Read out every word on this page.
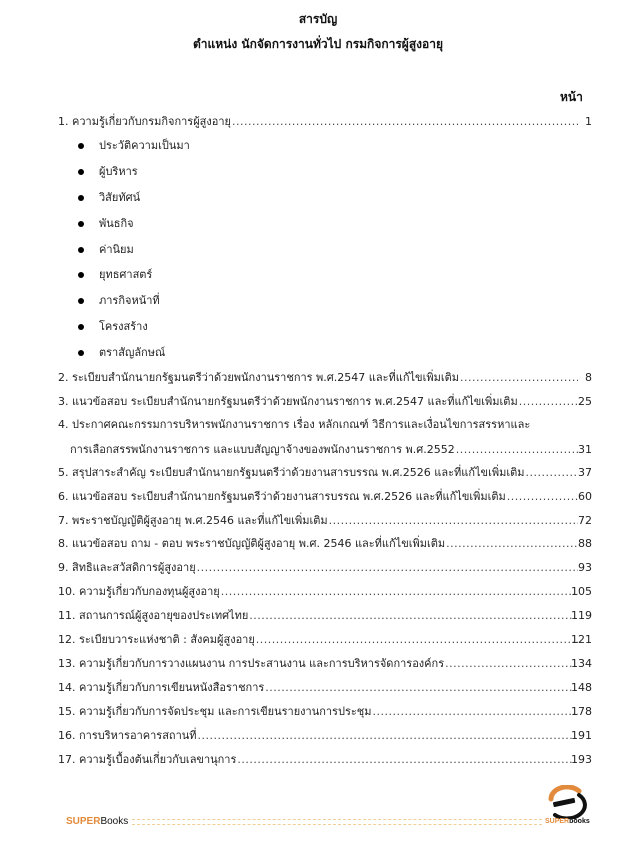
สารบัญ
ตำแหน่ง นักจัดการงานทั่วไป กรมกิจการผู้สูงอายุ
หน้า
1. ความรู้เกี่ยวกับกรมกิจการผู้สูงอายุ .....	1
ประวัติความเป็นมา
ผู้บริหาร
วิสัยทัศน์
พันธกิจ
ค่านิยม
ยุทธศาสตร์
ภารกิจหน้าที่
โครงสร้าง
ตราสัญลักษณ์
2. ระเบียบสำนักนายกรัฐมนตรีว่าด้วยพนักงานราชการ พ.ศ.2547 และที่แก้ไขเพิ่มเติม .....	8
3. แนวข้อสอบ ระเบียบสำนักนายกรัฐมนตรีว่าด้วยพนักงานราชการ พ.ศ.2547 และที่แก้ไขเพิ่มเติม .....	25
4. ประกาศคณะกรรมการบริหารพนักงานราชการ เรื่อง หลักเกณฑ์ วิธีการและเงื่อนไขการสรรหาและ
การเลือกสรรพนักงานราชการ และแบบสัญญาจ้างของพนักงานราชการ พ.ศ.2552 .....	31
5. สรุปสาระสำคัญ ระเบียบสำนักนายกรัฐมนตรีว่าด้วยงานสารบรรณ พ.ศ.2526 และที่แก้ไขเพิ่มเติม .....	37
6. แนวข้อสอบ ระเบียบสำนักนายกรัฐมนตรีว่าด้วยงานสารบรรณ พ.ศ.2526 และที่แก้ไขเพิ่มเติม .....	60
7. พระราชบัญญัติผู้สูงอายุ พ.ศ.2546 และที่แก้ไขเพิ่มเติม .....	72
8. แนวข้อสอบ ถาม - ตอบ พระราชบัญญัติผู้สูงอายุ พ.ศ. 2546 และที่แก้ไขเพิ่มเติม .....	88
9. สิทธิและสวัสดิการผู้สูงอายุ .....	93
10. ความรู้เกี่ยวกับกองทุนผู้สูงอายุ .....	105
11. สถานการณ์ผู้สูงอายุของประเทศไทย .....	119
12. ระเบียบวาระแห่งชาติ : สังคมผู้สูงอายุ .....	121
13. ความรู้เกี่ยวกับการวางแผนงาน การประสานงาน และการบริหารจัดการองค์กร .....	134
14. ความรู้เกี่ยวกับการเขียนหนังสือราชการ .....	148
15. ความรู้เกี่ยวกับการจัดประชุม และการเขียนรายงานการประชุม .....	178
16. การบริหารอาคารสถานที่ .....	191
17. ความรู้เบื้องต้นเกี่ยวกับเลขานุการ .....	193
SUPER Books	SUPERbooks
